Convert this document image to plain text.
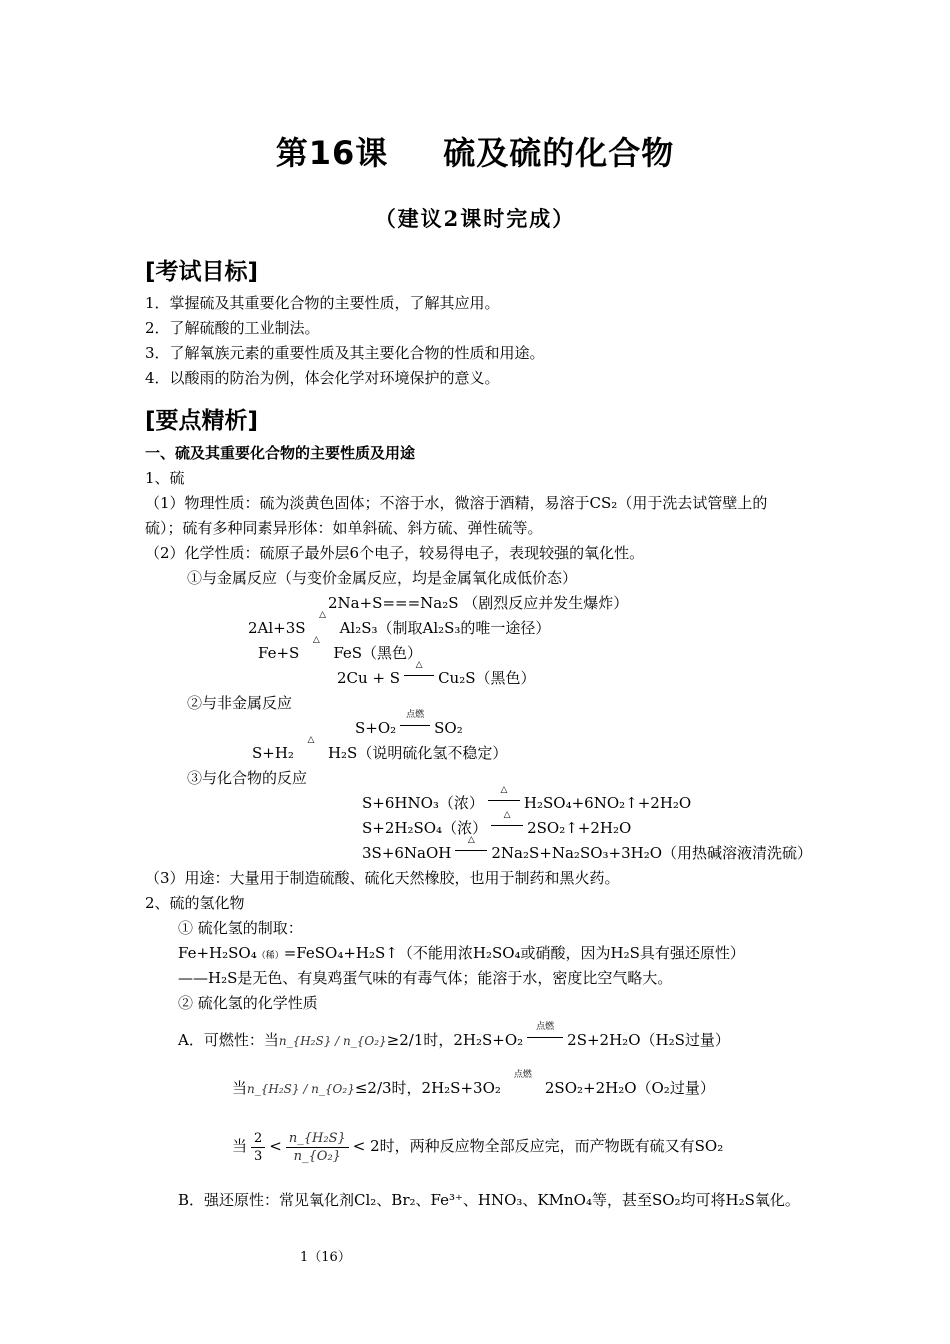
第16课 硫及硫的化合物
（建议2课时完成）
[考试目标]
1．掌握硫及其重要化合物的主要性质，了解其应用。
2．了解硫酸的工业制法。
3．了解氧族元素的重要性质及其主要化合物的性质和用途。
4．以酸雨的防治为例，体会化学对环境保护的意义。
[要点精析]
一、硫及其重要化合物的主要性质及用途
1、硫
（1）物理性质：硫为淡黄色固体；不溶于水，微溶于酒精，易溶于CS₂（用于洗去试管壁上的
硫）；硫有多种同素异形体：如单斜硫、斜方硫、弹性硫等。
（2）化学性质：硫原子最外层6个电子，较易得电子，表现较强的氧化性。
①与金属反应（与变价金属反应，均是金属氧化成低价态）
2Na+S===Na₂S （剧烈反应并发生爆炸）
2Al+3S
△
Al₂S₃（制取Al₂S₃的唯一途径）
Fe+S
△
FeS（黑色）
2Cu + S
△
Cu₂S（黑色）
②与非金属反应
S+O₂
点燃
SO₂
S+H₂
△
H₂S（说明硫化氢不稳定）
③与化合物的反应
S+6HNO₃（浓）
△
H₂SO₄+6NO₂↑+2H₂O
S+2H₂SO₄（浓）
△
2SO₂↑+2H₂O
3S+6NaOH
△
2Na₂S+Na₂SO₃+3H₂O（用热碱溶液清洗硫）
（3）用途：大量用于制造硫酸、硫化天然橡胶，也用于制药和黑火药。
2、硫的氢化物
① 硫化氢的制取：
Fe+H₂SO₄（稀）=FeSO₄+H₂S↑（不能用浓H₂SO₄或硝酸，因为H₂S具有强还原性）
——H₂S是无色、有臭鸡蛋气味的有毒气体；能溶于水，密度比空气略大。
② 硫化氢的化学性质
A．可燃性：当n_{H₂S} / n_{O₂}≥2/1时，2H₂S+O₂
点燃
2S+2H₂O（H₂S过量）
当n_{H₂S} / n_{O₂}≤2/3时，2H₂S+3O₂
点燃
2SO₂+2H₂O（O₂过量）
当 $\frac{2}{3} < \frac{\text{n\_\{H₂S\}}}{\text{n\_\{O₂\}}} < 2$时，两种反应物全部反应完，而产物既有硫又有SO₂
B．强还原性：常见氧化剂Cl₂、Br₂、Fe³⁺、HNO₃、KMnO₄等，甚至SO₂均可将H₂S氧化。
1（16）
